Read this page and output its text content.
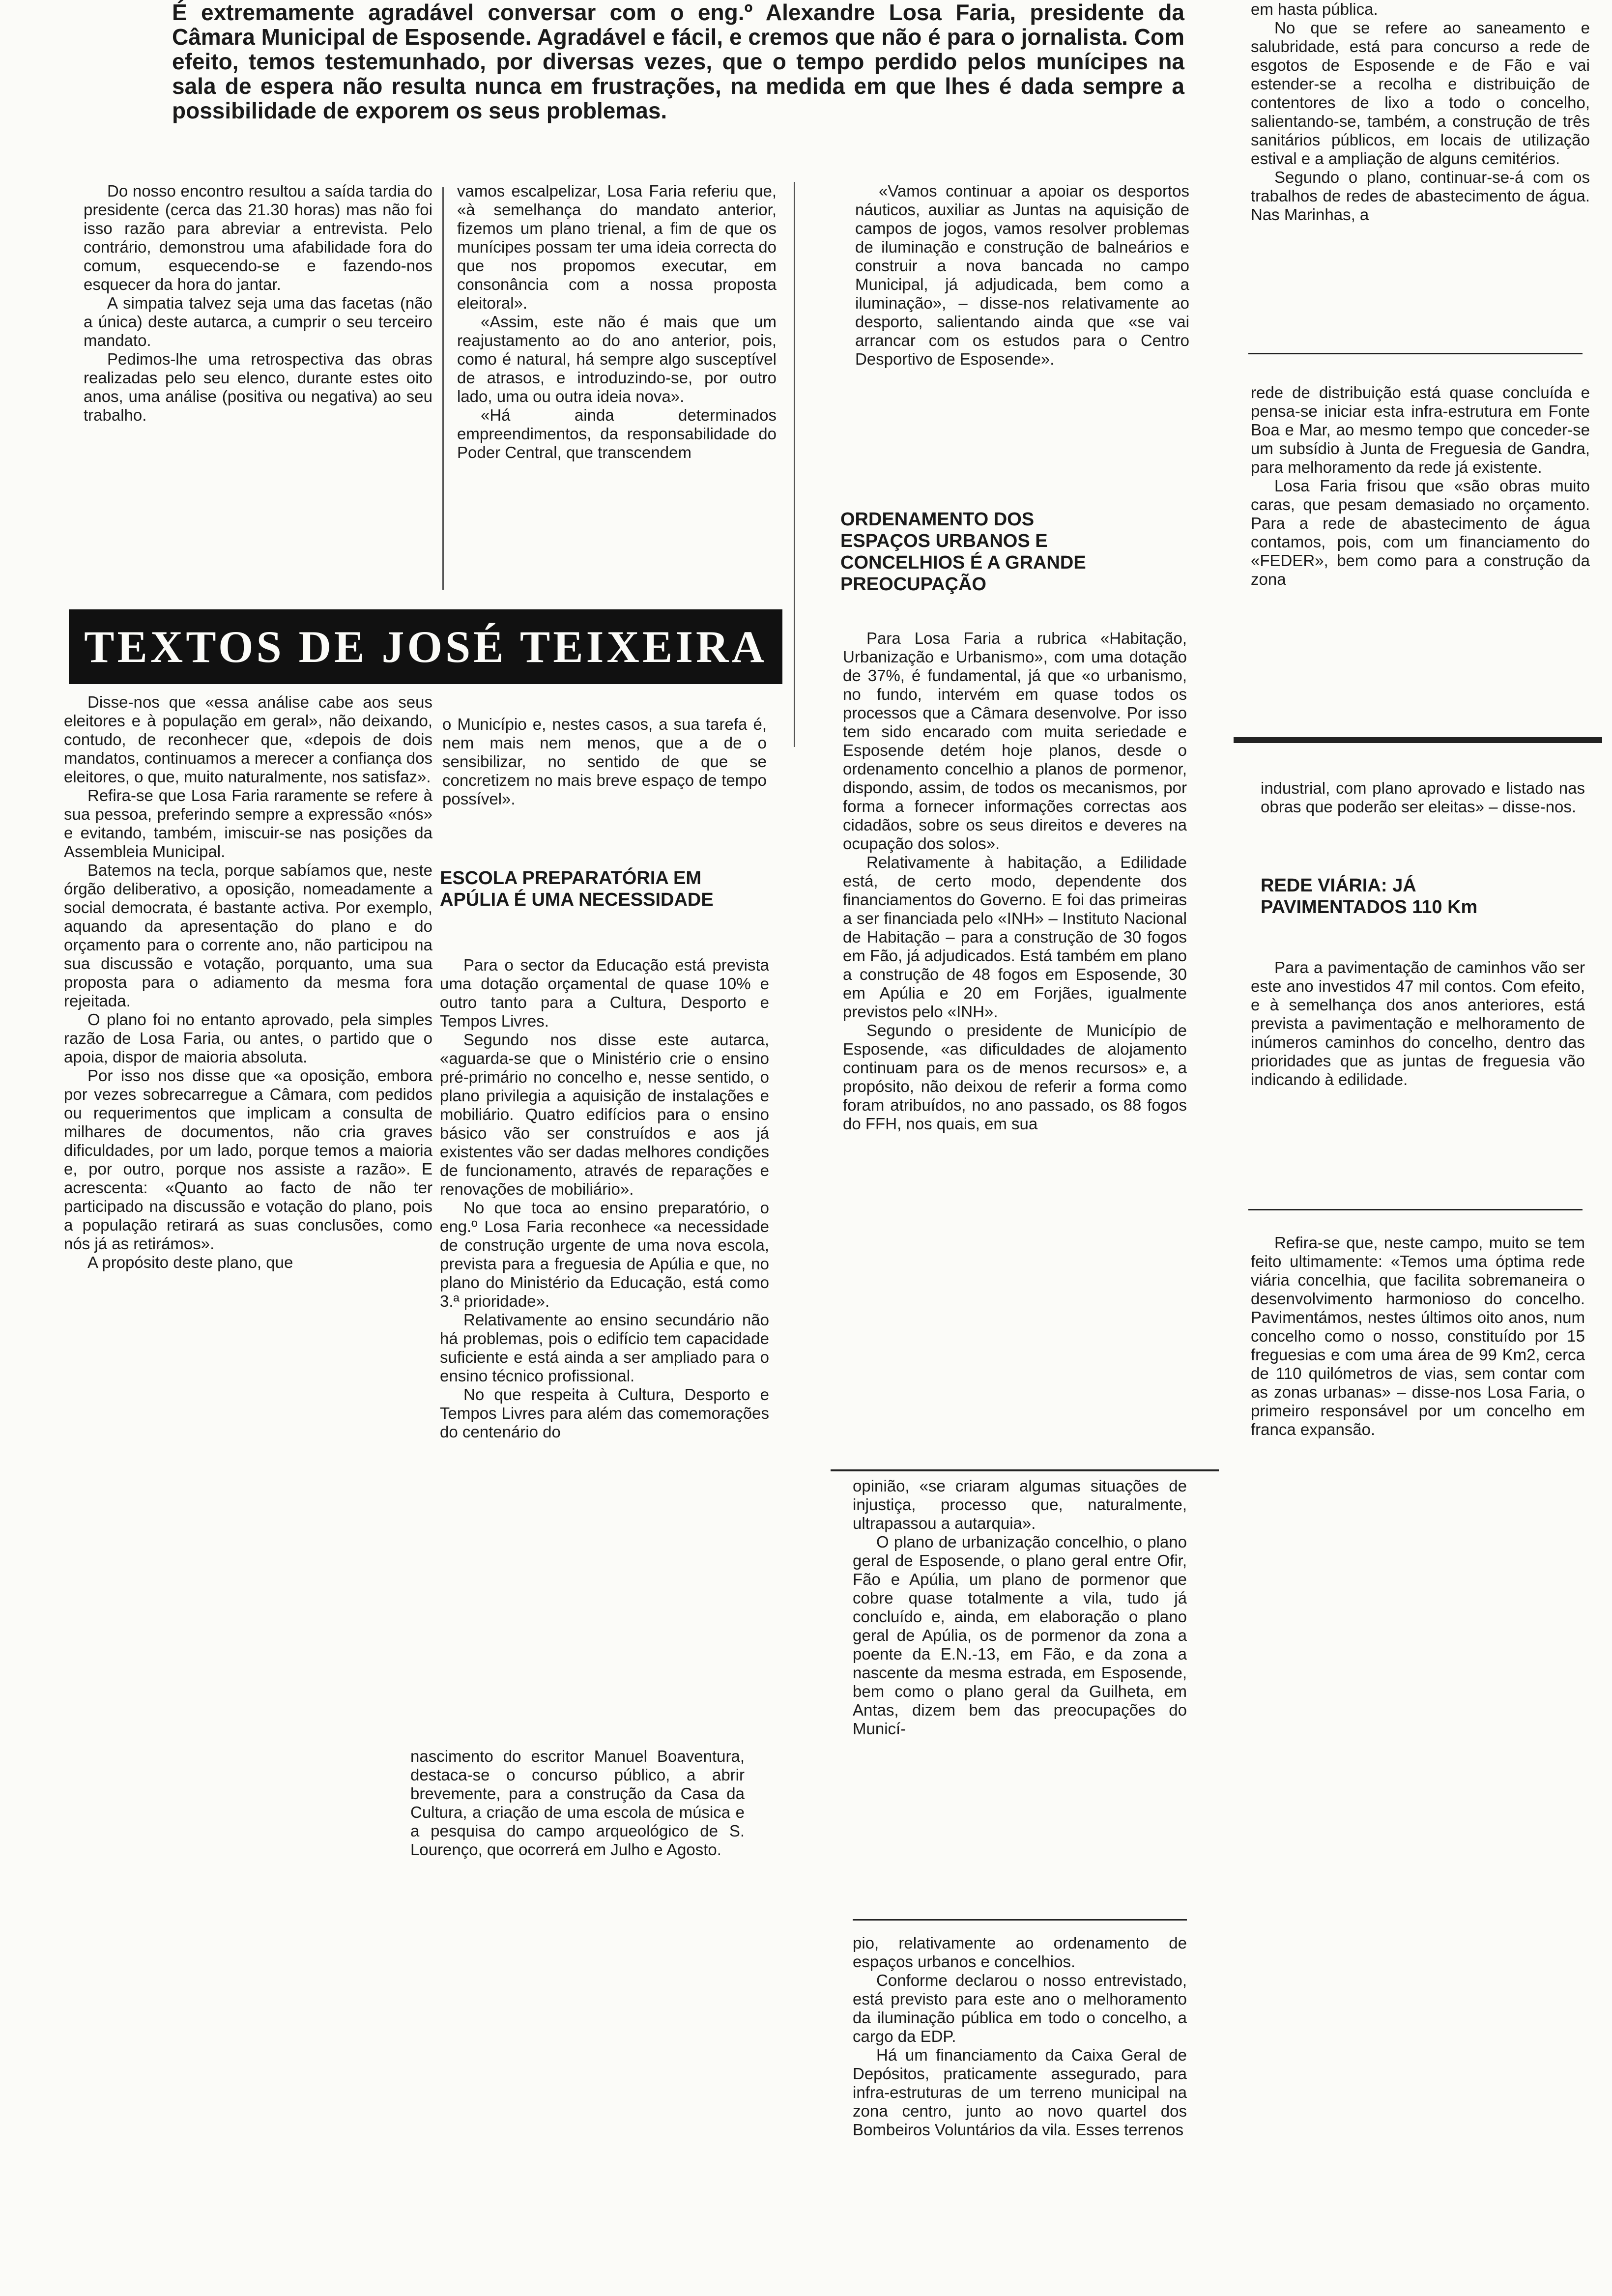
É extremamente agradável conversar com o eng.º Alexandre Losa Faria, presidente da Câmara Municipal de Esposende. Agradável e fácil, e cremos que não é para o jornalista. Com efeito, temos testemunhado, por diversas vezes, que o tempo perdido pelos munícipes na sala de espera não resulta nunca em frustrações, na medida em que lhes é dada sempre a possibilidade de exporem os seus problemas.

Do nosso encontro resultou a saída tardia do presidente (cerca das 21.30 horas) mas não foi isso razão para abreviar a entrevista. Pelo contrário, demonstrou uma afabilidade fora do comum, esquecendo-se e fazendo-nos esquecer da hora do jantar.

A simpatia talvez seja uma das facetas (não a única) deste autarca, a cumprir o seu terceiro mandato.

Pedimos-lhe uma retrospectiva das obras realizadas pelo seu elenco, durante estes oito anos, uma análise (positiva ou negativa) ao seu trabalho.

vamos escalpelizar, Losa Faria referiu que, «à semelhança do mandato anterior, fizemos um plano trienal, a fim de que os munícipes possam ter uma ideia correcta do que nos propomos executar, em consonância com a nossa proposta eleitoral».

«Assim, este não é mais que um reajustamento ao do ano anterior, pois, como é natural, há sempre algo susceptível de atrasos, e introduzindo-se, por outro lado, uma ou outra ideia nova».

«Há ainda determinados empreendimentos, da responsabilidade do Poder Central, que transcendem

«Vamos continuar a apoiar os desportos náuticos, auxiliar as Juntas na aquisição de campos de jogos, vamos resolver problemas de iluminação e construção de balneários e construir a nova bancada no campo Municipal, já adjudicada, bem como a iluminação», – disse-nos relativamente ao desporto, salientando ainda que «se vai arrancar com os estudos para o Centro Desportivo de Esposende».

ORDENAMENTO DOS ESPAÇOS URBANOS E CONCELHIOS É A GRANDE PREOCUPAÇÃO

em hasta pública.

No que se refere ao saneamento e salubridade, está para concurso a rede de esgotos de Esposende e de Fão e vai estender-se a recolha e distribuição de contentores de lixo a todo o concelho, salientando-se, também, a construção de três sanitários públicos, em locais de utilização estival e a ampliação de alguns cemitérios.

Segundo o plano, continuar-se-á com os trabalhos de redes de abastecimento de água. Nas Marinhas, a

rede de distribuição está quase concluída e pensa-se iniciar esta infra-estrutura em Fonte Boa e Mar, ao mesmo tempo que conceder-se um subsídio à Junta de Freguesia de Gandra, para melhoramento da rede já existente.

Losa Faria frisou que «são obras muito caras, que pesam demasiado no orçamento. Para a rede de abastecimento de água contamos, pois, com um financiamento do «FEDER», bem como para a construção da zona

industrial, com plano aprovado e listado nas obras que poderão ser eleitas» – disse-nos.

REDE VIÁRIA: JÁ PAVIMENTADOS 110 Km

Para a pavimentação de caminhos vão ser este ano investidos 47 mil contos. Com efeito, e à semelhança dos anos anteriores, está prevista a pavimentação e melhoramento de inúmeros caminhos do concelho, dentro das prioridades que as juntas de freguesia vão indicando à edilidade.

Refira-se que, neste campo, muito se tem feito ultimamente: «Temos uma óptima rede viária concelhia, que facilita sobremaneira o desenvolvimento harmonioso do concelho. Pavimentámos, nestes últimos oito anos, num concelho como o nosso, constituído por 15 freguesias e com uma área de 99 Km2, cerca de 110 quilómetros de vias, sem contar com as zonas urbanas» – disse-nos Losa Faria, o primeiro responsável por um concelho em franca expansão.

TEXTOS DE JOSÉ TEIXEIRA

Disse-nos que «essa análise cabe aos seus eleitores e à população em geral», não deixando, contudo, de reconhecer que, «depois de dois mandatos, continuamos a merecer a confiança dos eleitores, o que, muito naturalmente, nos satisfaz».

Refira-se que Losa Faria raramente se refere à sua pessoa, preferindo sempre a expressão «nós» e evitando, também, imiscuir-se nas posições da Assembleia Municipal.

Batemos na tecla, porque sabíamos que, neste órgão deliberativo, a oposição, nomeadamente a social democrata, é bastante activa. Por exemplo, aquando da apresentação do plano e do orçamento para o corrente ano, não participou na sua discussão e votação, porquanto, uma sua proposta para o adiamento da mesma fora rejeitada.

O plano foi no entanto aprovado, pela simples razão de Losa Faria, ou antes, o partido que o apoia, dispor de maioria absoluta.

Por isso nos disse que «a oposição, embora por vezes sobrecarregue a Câmara, com pedidos ou requerimentos que implicam a consulta de milhares de documentos, não cria graves dificuldades, por um lado, porque temos a maioria e, por outro, porque nos assiste a razão». E acrescenta: «Quanto ao facto de não ter participado na discussão e votação do plano, pois a população retirará as suas conclusões, como nós já as retirámos».

A propósito deste plano, que

o Município e, nestes casos, a sua tarefa é, nem mais nem menos, que a de o sensibilizar, no sentido de que se concretizem no mais breve espaço de tempo possível».

ESCOLA PREPARATÓRIA EM APÚLIA É UMA NECESSIDADE

Para o sector da Educação está prevista uma dotação orçamental de quase 10% e outro tanto para a Cultura, Desporto e Tempos Livres.

Segundo nos disse este autarca, «aguarda-se que o Ministério crie o ensino pré-primário no concelho e, nesse sentido, o plano privilegia a aquisição de instalações e mobiliário. Quatro edifícios para o ensino básico vão ser construídos e aos já existentes vão ser dadas melhores condições de funcionamento, através de reparações e renovações de mobiliário».

No que toca ao ensino preparatório, o eng.º Losa Faria reconhece «a necessidade de construção urgente de uma nova escola, prevista para a freguesia de Apúlia e que, no plano do Ministério da Educação, está como 3.ª prioridade».

Relativamente ao ensino secundário não há problemas, pois o edifício tem capacidade suficiente e está ainda a ser ampliado para o ensino técnico profissional.

No que respeita à Cultura, Desporto e Tempos Livres para além das comemorações do centenário do

nascimento do escritor Manuel Boaventura, destaca-se o concurso público, a abrir brevemente, para a construção da Casa da Cultura, a criação de uma escola de música e a pesquisa do campo arqueológico de S. Lourenço, que ocorrerá em Julho e Agosto.

Para Losa Faria a rubrica «Habitação, Urbanização e Urbanismo», com uma dotação de 37%, é fundamental, já que «o urbanismo, no fundo, intervém em quase todos os processos que a Câmara desenvolve. Por isso tem sido encarado com muita seriedade e Esposende detém hoje planos, desde o ordenamento concelhio a planos de pormenor, dispondo, assim, de todos os mecanismos, por forma a fornecer informações correctas aos cidadãos, sobre os seus direitos e deveres na ocupação dos solos».

Relativamente à habitação, a Edilidade está, de certo modo, dependente dos financiamentos do Governo. E foi das primeiras a ser financiada pelo «INH» – Instituto Nacional de Habitação – para a construção de 30 fogos em Fão, já adjudicados. Está também em plano a construção de 48 fogos em Esposende, 30 em Apúlia e 20 em Forjães, igualmente previstos pelo «INH».

Segundo o presidente de Município de Esposende, «as dificuldades de alojamento continuam para os de menos recursos» e, a propósito, não deixou de referir a forma como foram atribuídos, no ano passado, os 88 fogos do FFH, nos quais, em sua

opinião, «se criaram algumas situações de injustiça, processo que, naturalmente, ultrapassou a autarquia».

O plano de urbanização concelhio, o plano geral de Esposende, o plano geral entre Ofir, Fão e Apúlia, um plano de pormenor que cobre quase totalmente a vila, tudo já concluído e, ainda, em elaboração o plano geral de Apúlia, os de pormenor da zona a poente da E.N.-13, em Fão, e da zona a nascente da mesma estrada, em Esposende, bem como o plano geral da Guilheta, em Antas, dizem bem das preocupações do Municí-

pio, relativamente ao ordenamento de espaços urbanos e concelhios.

Conforme declarou o nosso entrevistado, está previsto para este ano o melhoramento da iluminação pública em todo o concelho, a cargo da EDP.

Há um financiamento da Caixa Geral de Depósitos, praticamente assegurado, para infra-estruturas de um terreno municipal na zona centro, junto ao novo quartel dos Bombeiros Voluntários da vila. Esses terrenos
